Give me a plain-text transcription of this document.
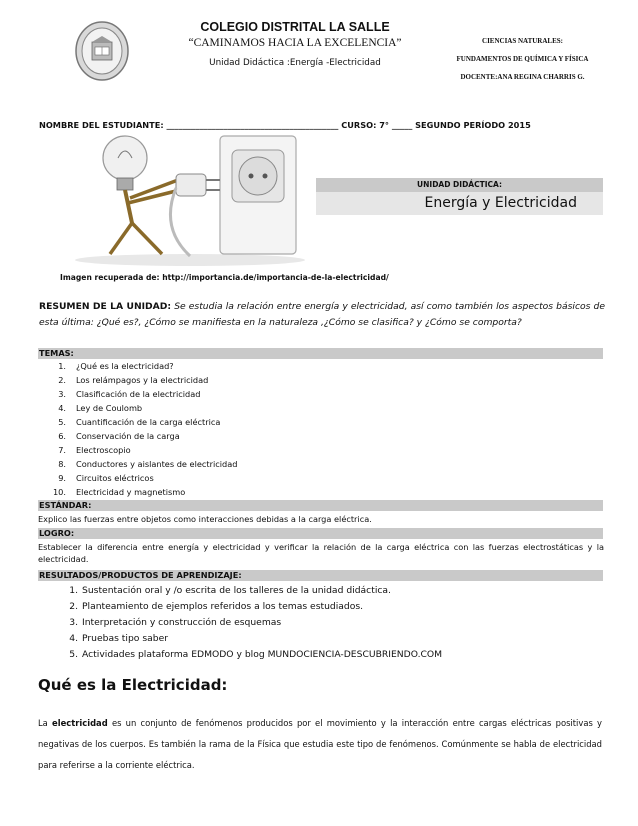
COLEGIO DISTRITAL LA SALLE
“CAMINAMOS HACIA LA EXCELENCIA”
Unidad Didáctica :Energía -Electricidad
CIENCIAS NATURALES:
FUNDAMENTOS DE QUÍMICA Y FÍSICA
DOCENTE:ANA REGINA CHARRIS G.
NOMBRE DEL ESTUDIANTE: __________________________________________ CURSO: 7° _____ SEGUNDO PERÍODO 2015
UNIDAD DIDÁCTICA:
Energía y Electricidad
Imagen recuperada de: http://importancia.de/importancia-de-la-electricidad/
RESUMEN DE LA UNIDAD: Se estudia la relación entre energía y electricidad, así como también los aspectos básicos de esta última: ¿Qué es?, ¿Cómo se manifiesta en la naturaleza ,¿Cómo se clasifica? y ¿Cómo se comporta?
TEMAS:
1. ¿Qué es la electricidad?
2. Los relámpagos y la electricidad
3. Clasificación de la electricidad
4. Ley de Coulomb
5. Cuantificación de la carga eléctrica
6. Conservación de la carga
7. Electroscopio
8. Conductores y aislantes de electricidad
9. Circuitos eléctricos
10. Electricidad y magnetismo
ESTÁNDAR:
Explico las fuerzas entre objetos como interacciones debidas a la carga eléctrica.
LOGRO:
Establecer la diferencia entre energía y electricidad y verificar la relación de la carga eléctrica con las fuerzas electrostáticas y la electricidad.
RESULTADOS/PRODUCTOS DE APRENDIZAJE:
1. Sustentación oral y /o escrita de los talleres de la unidad didáctica.
2. Planteamiento de ejemplos referidos a los temas estudiados.
3. Interpretación y construcción de esquemas
4. Pruebas tipo saber
5. Actividades plataforma EDMODO y blog MUNDOCIENCIA-DESCUBRIENDO.COM
Qué es la Electricidad:
La electricidad es un conjunto de fenómenos producidos por el movimiento y la interacción entre cargas eléctricas positivas y negativas de los cuerpos. Es también la rama de la Física que estudia este tipo de fenómenos. Comúnmente se habla de electricidad para referirse a la corriente eléctrica.
